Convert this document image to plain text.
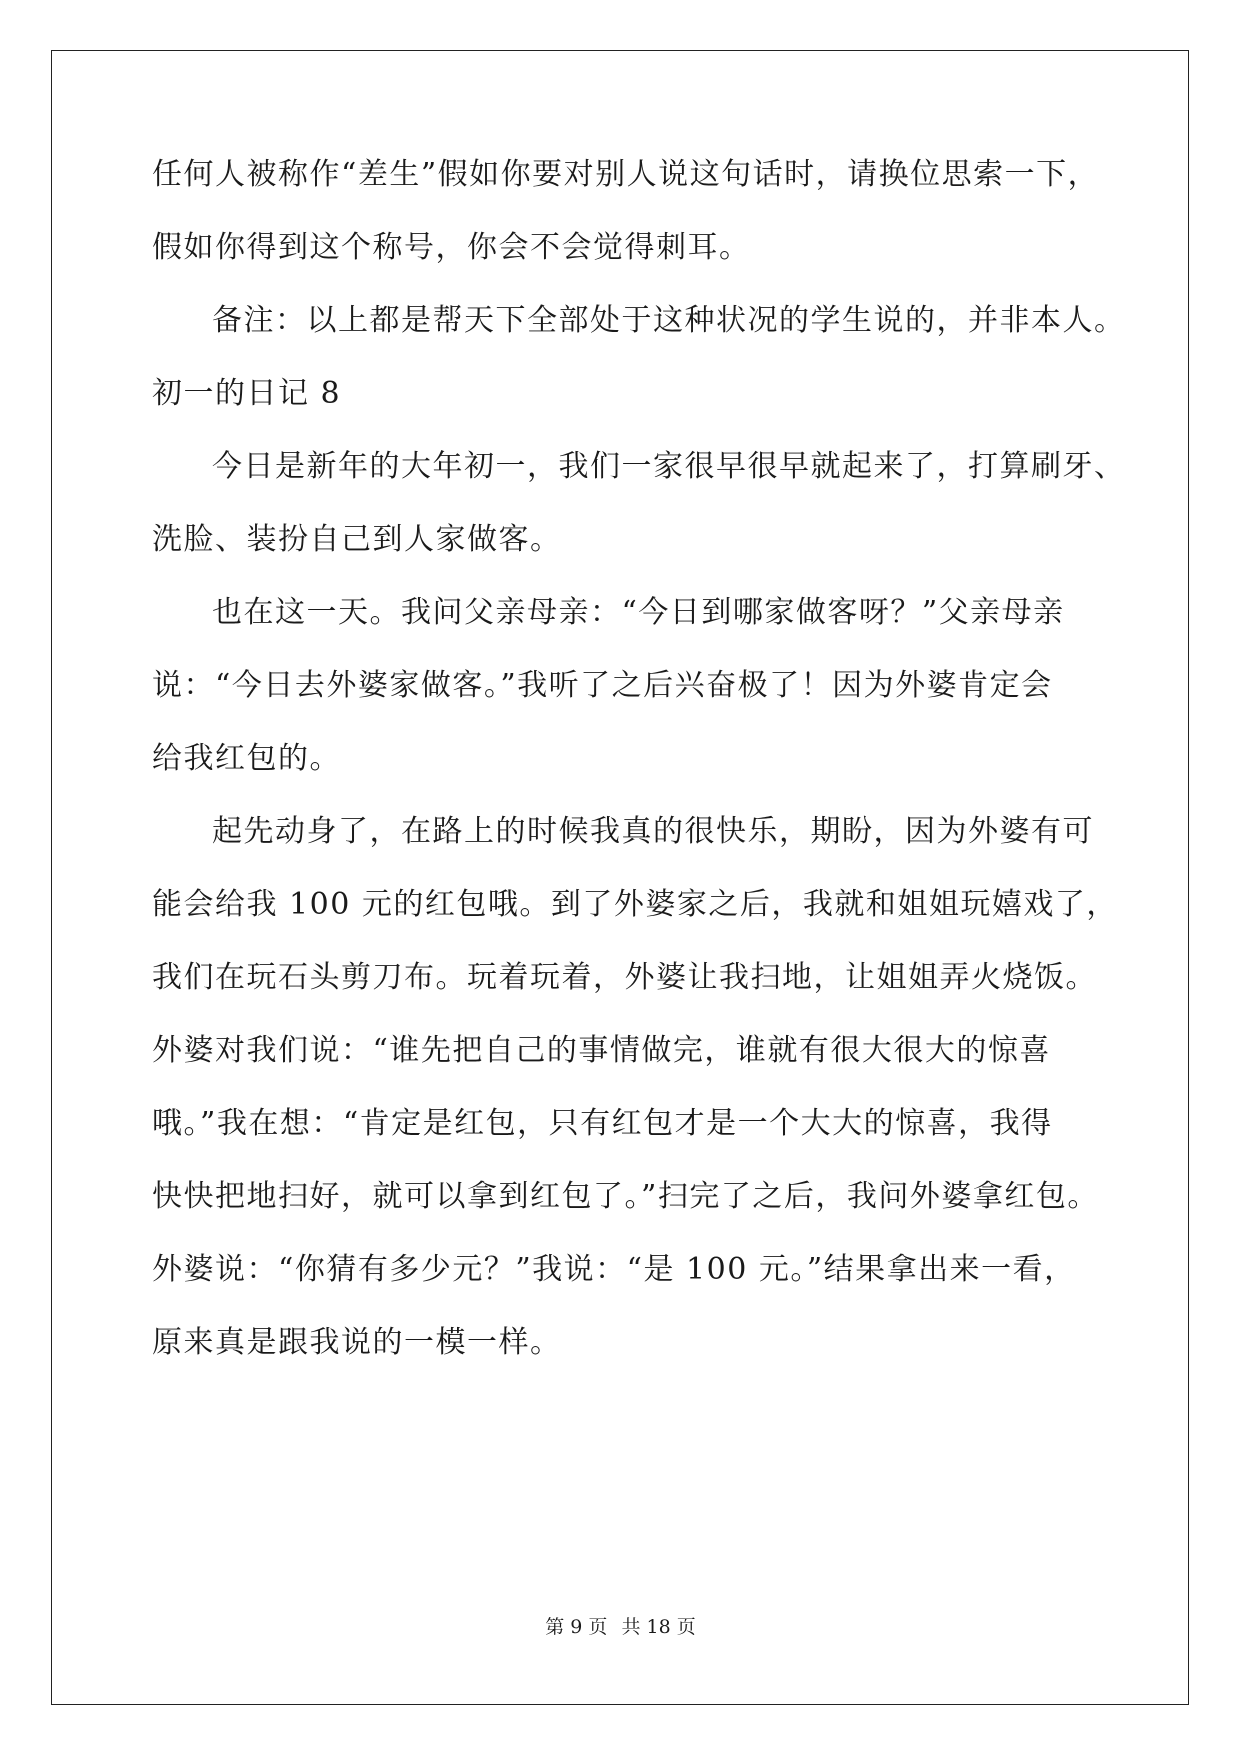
任何人被称作“差生”假如你要对别人说这句话时，请换位思索一下，

假如你得到这个称号，你会不会觉得刺耳。

备注：以上都是帮天下全部处于这种状况的学生说的，并非本人。

初一的日记 8

今日是新年的大年初一，我们一家很早很早就起来了，打算刷牙、

洗脸、装扮自己到人家做客。

也在这一天。我问父亲母亲：“今日到哪家做客呀？”父亲母亲

说：“今日去外婆家做客。”我听了之后兴奋极了！因为外婆肯定会

给我红包的。

起先动身了，在路上的时候我真的很快乐，期盼，因为外婆有可

能会给我 100 元的红包哦。到了外婆家之后，我就和姐姐玩嬉戏了，

我们在玩石头剪刀布。玩着玩着，外婆让我扫地，让姐姐弄火烧饭。

外婆对我们说：“谁先把自己的事情做完，谁就有很大很大的惊喜

哦。”我在想：“肯定是红包，只有红包才是一个大大的惊喜，我得

快快把地扫好，就可以拿到红包了。”扫完了之后，我问外婆拿红包。

外婆说：“你猜有多少元？”我说：“是 100 元。”结果拿出来一看，

原来真是跟我说的一模一样。

第 9 页 共 18 页
